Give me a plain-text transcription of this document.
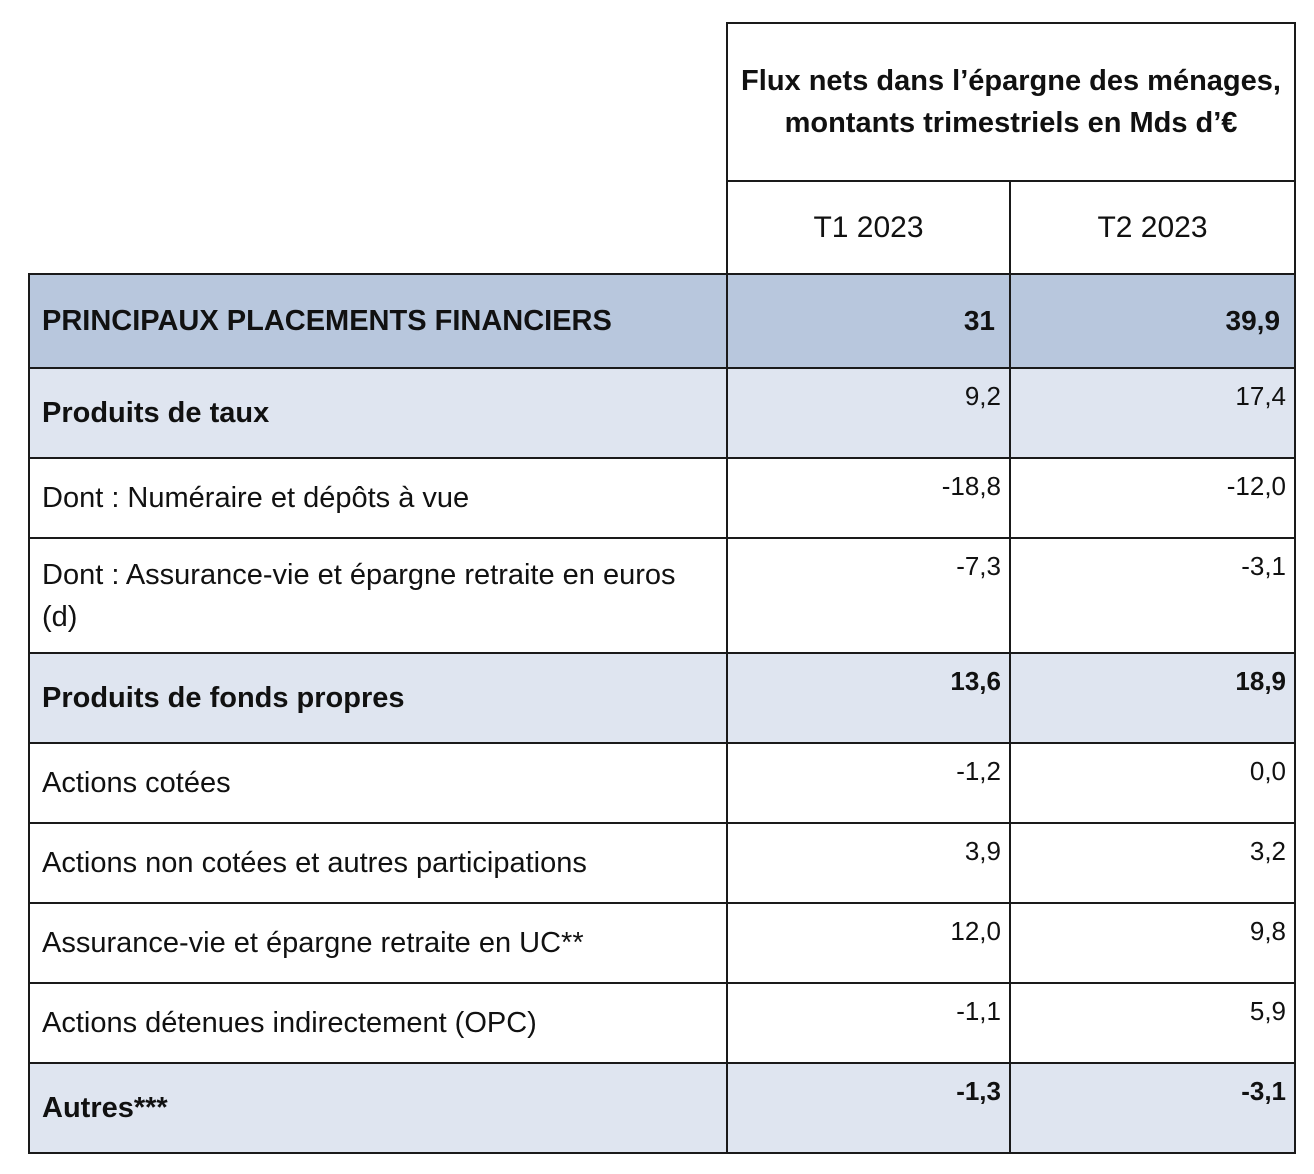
	Flux nets dans l’épargne des ménages, montants trimestriels en Mds d’€	
	T1 2023	T2 2023
PRINCIPAUX PLACEMENTS FINANCIERS	31	39,9
Produits de taux	9,2	17,4
Dont : Numéraire et dépôts à vue	-18,8	-12,0
Dont : Assurance-vie et épargne retraite en euros (d)	-7,3	-3,1
Produits de fonds propres	13,6	18,9
Actions cotées	-1,2	0,0
Actions non cotées et autres participations	3,9	3,2
Assurance-vie et épargne retraite en UC**	12,0	9,8
Actions détenues indirectement (OPC)	-1,1	5,9
Autres***	-1,3	-3,1
